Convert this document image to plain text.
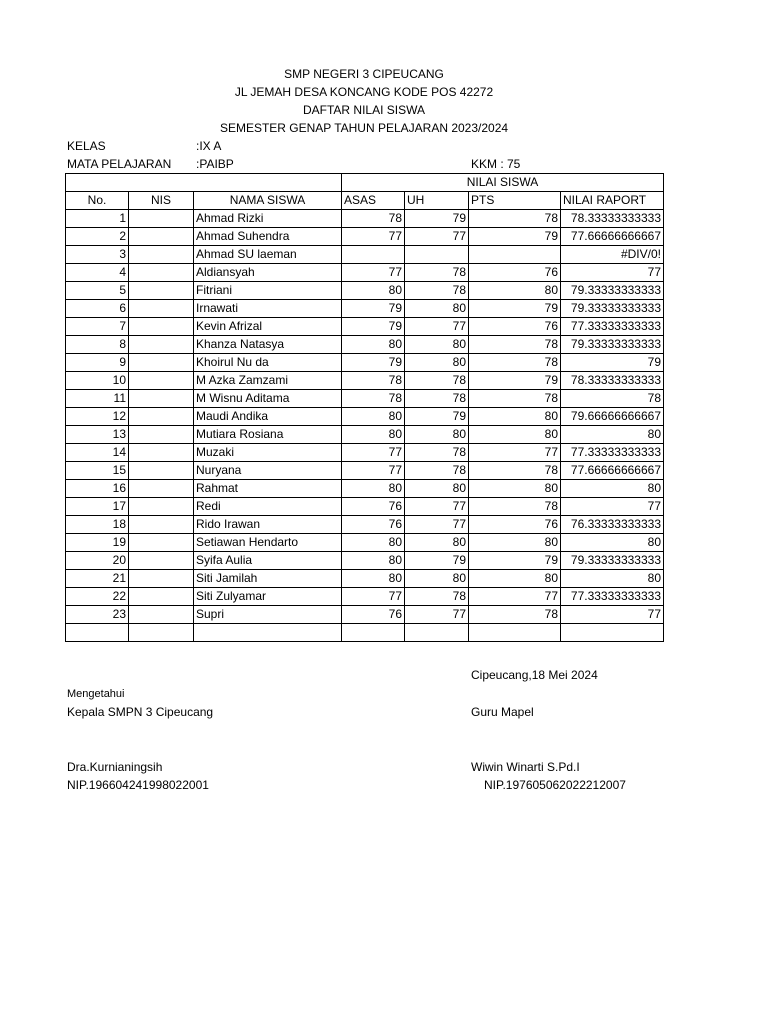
SMP NEGERI 3 CIPEUCANG
JL JEMAH DESA KONCANG KODE POS 42272
DAFTAR NILAI SISWA
SEMESTER GENAP TAHUN PELAJARAN 2023/2024
KELAS	:IX A
MATA PELAJARAN :PAIBP	KKM : 75
				NILAI SISWA			
No.	NIS	NAMA SISWA		ASAS	UH	PTS	NILAI RAPORT
1		Ahmad Rizki		78	79	78	78.33333333333
2		Ahmad Suhendra		77	77	79	77.66666666667
3		Ahmad SU laeman					#DIV/0!
4		Aldiansyah		77	78	76	77
5		Fitriani		80	78	80	79.33333333333
6		Irnawati		79	80	79	79.33333333333
7		Kevin Afrizal		79	77	76	77.33333333333
8		Khanza Natasya		80	80	78	79.33333333333
9		Khoirul Nu da		79	80	78	79
10		M Azka Zamzami		78	78	79	78.33333333333
11		M Wisnu Aditama		78	78	78	78
12		Maudi Andika		80	79	80	79.66666666667
13		Mutiara Rosiana		80	80	80	80
14		Muzaki		77	78	77	77.33333333333
15		Nuryana		77	78	78	77.66666666667
16		Rahmat		80	80	80	80
17		Redi		76	77	78	77
18		Rido Irawan		76	77	76	76.33333333333
19		Setiawan Hendarto		80	80	80	80
20		Syifa Aulia		80	79	79	79.33333333333
21		Siti Jamilah		80	80	80	80
22		Siti Zulyamar		77	78	77	77.33333333333
23		Supri		76	77	78	77

Cipeucang,18 Mei 2024
Mengetahui
Kepala SMPN 3 Cipeucang	Guru Mapel
Dra.Kurnianingsih	Wiwin Winarti S.Pd.I
NIP.196604241998022001	NIP.197605062022212007
